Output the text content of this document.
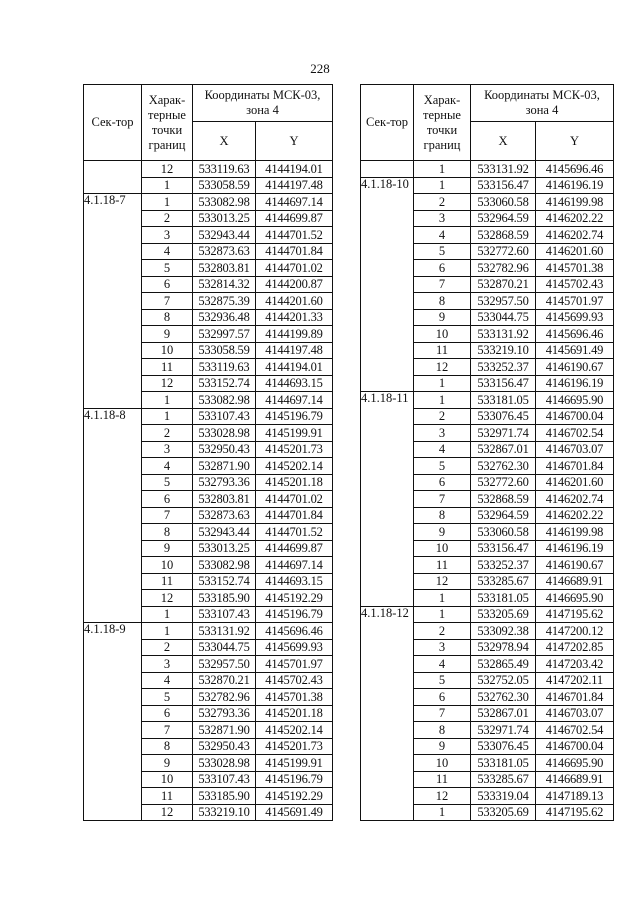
228
Сек-тор	Харак-терные точки границ	Координаты МСК-03, зона 4	
		X	Y
	12	533119.63	4144194.01
	1	533058.59	4144197.48
4.1.18-7	1	533082.98	4144697.14
	2	533013.25	4144699.87
	3	532943.44	4144701.52
	4	532873.63	4144701.84
	5	532803.81	4144701.02
	6	532814.32	4144200.87
	7	532875.39	4144201.60
	8	532936.48	4144201.33
	9	532997.57	4144199.89
	10	533058.59	4144197.48
	11	533119.63	4144194.01
	12	533152.74	4144693.15
	1	533082.98	4144697.14
4.1.18-8	1	533107.43	4145196.79
	2	533028.98	4145199.91
	3	532950.43	4145201.73
	4	532871.90	4145202.14
	5	532793.36	4145201.18
	6	532803.81	4144701.02
	7	532873.63	4144701.84
	8	532943.44	4144701.52
	9	533013.25	4144699.87
	10	533082.98	4144697.14
	11	533152.74	4144693.15
	12	533185.90	4145192.29
	1	533107.43	4145196.79
4.1.18-9	1	533131.92	4145696.46
	2	533044.75	4145699.93
	3	532957.50	4145701.97
	4	532870.21	4145702.43
	5	532782.96	4145701.38
	6	532793.36	4145201.18
	7	532871.90	4145202.14
	8	532950.43	4145201.73
	9	533028.98	4145199.91
	10	533107.43	4145196.79
	11	533185.90	4145192.29
	12	533219.10	4145691.49
Сек-тор	Харак-терные точки границ	Координаты МСК-03, зона 4	
		X	Y
	1	533131.92	4145696.46
4.1.18-10	1	533156.47	4146196.19
	2	533060.58	4146199.98
	3	532964.59	4146202.22
	4	532868.59	4146202.74
	5	532772.60	4146201.60
	6	532782.96	4145701.38
	7	532870.21	4145702.43
	8	532957.50	4145701.97
	9	533044.75	4145699.93
	10	533131.92	4145696.46
	11	533219.10	4145691.49
	12	533252.37	4146190.67
	1	533156.47	4146196.19
4.1.18-11	1	533181.05	4146695.90
	2	533076.45	4146700.04
	3	532971.74	4146702.54
	4	532867.01	4146703.07
	5	532762.30	4146701.84
	6	532772.60	4146201.60
	7	532868.59	4146202.74
	8	532964.59	4146202.22
	9	533060.58	4146199.98
	10	533156.47	4146196.19
	11	533252.37	4146190.67
	12	533285.67	4146689.91
	1	533181.05	4146695.90
4.1.18-12	1	533205.69	4147195.62
	2	533092.38	4147200.12
	3	532978.94	4147202.85
	4	532865.49	4147203.42
	5	532752.05	4147202.11
	6	532762.30	4146701.84
	7	532867.01	4146703.07
	8	532971.74	4146702.54
	9	533076.45	4146700.04
	10	533181.05	4146695.90
	11	533285.67	4146689.91
	12	533319.04	4147189.13
	1	533205.69	4147195.62
